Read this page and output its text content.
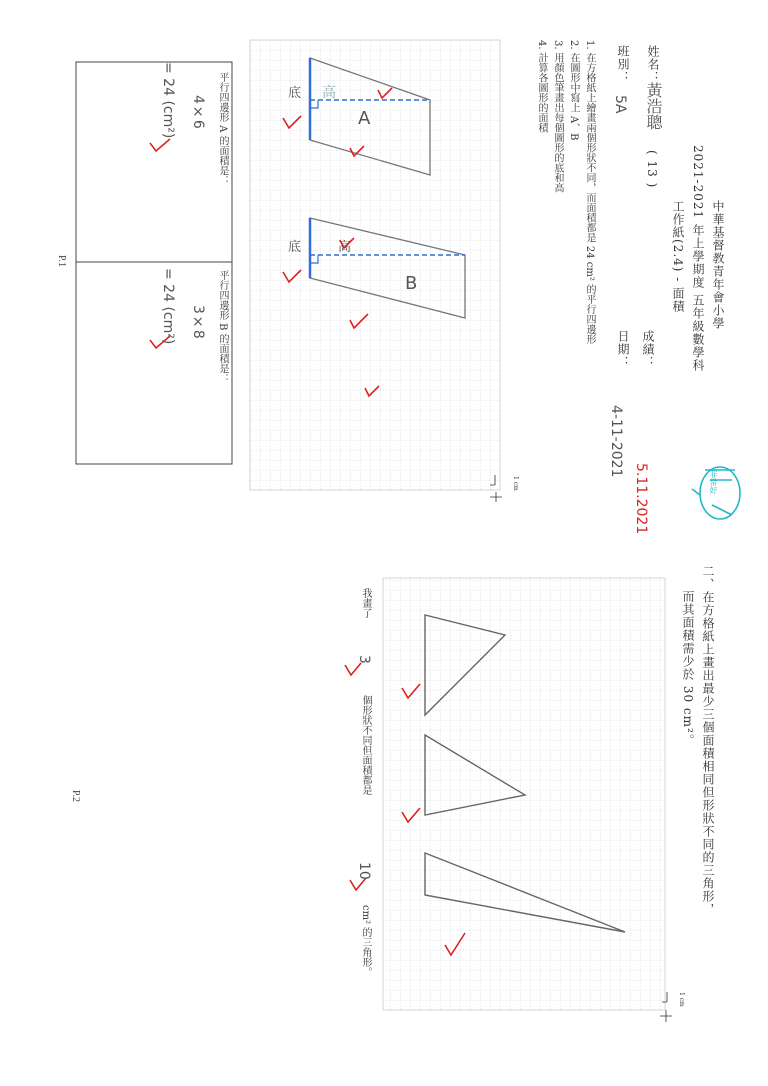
中華基督教青年會小學
2021-2021 年上學期度 五年級數學科
工作紙(2.4) - 面積
成績：
5.11.2021
日期：
4-11-2021
姓名：
黃浩聰
( 13 )
班別：
5A
1. 在方格紙上繪畫兩個形狀不同，而面積都是 24 cm² 的平行四邊形
2. 在圖形中寫上 A、B
3. 用顏色筆畫出每個圖形的底和高
4. 計算各圖形的面積
A
B
高
底
高
底
平行四邊形 A 的面積是：
4×6
= 24 (cm²)
平行四邊形 B 的面積是：
3×8
= 24 (cm²)
1 cm
P.1
非常好
二、在方格紙上畫出最少三個面積相同但形狀不同的三角形，
而其面積需少於 30 cm²。
我畫了
3
個形狀不同但面積都是
10
cm² 的三角形。
1 cm
P.2
